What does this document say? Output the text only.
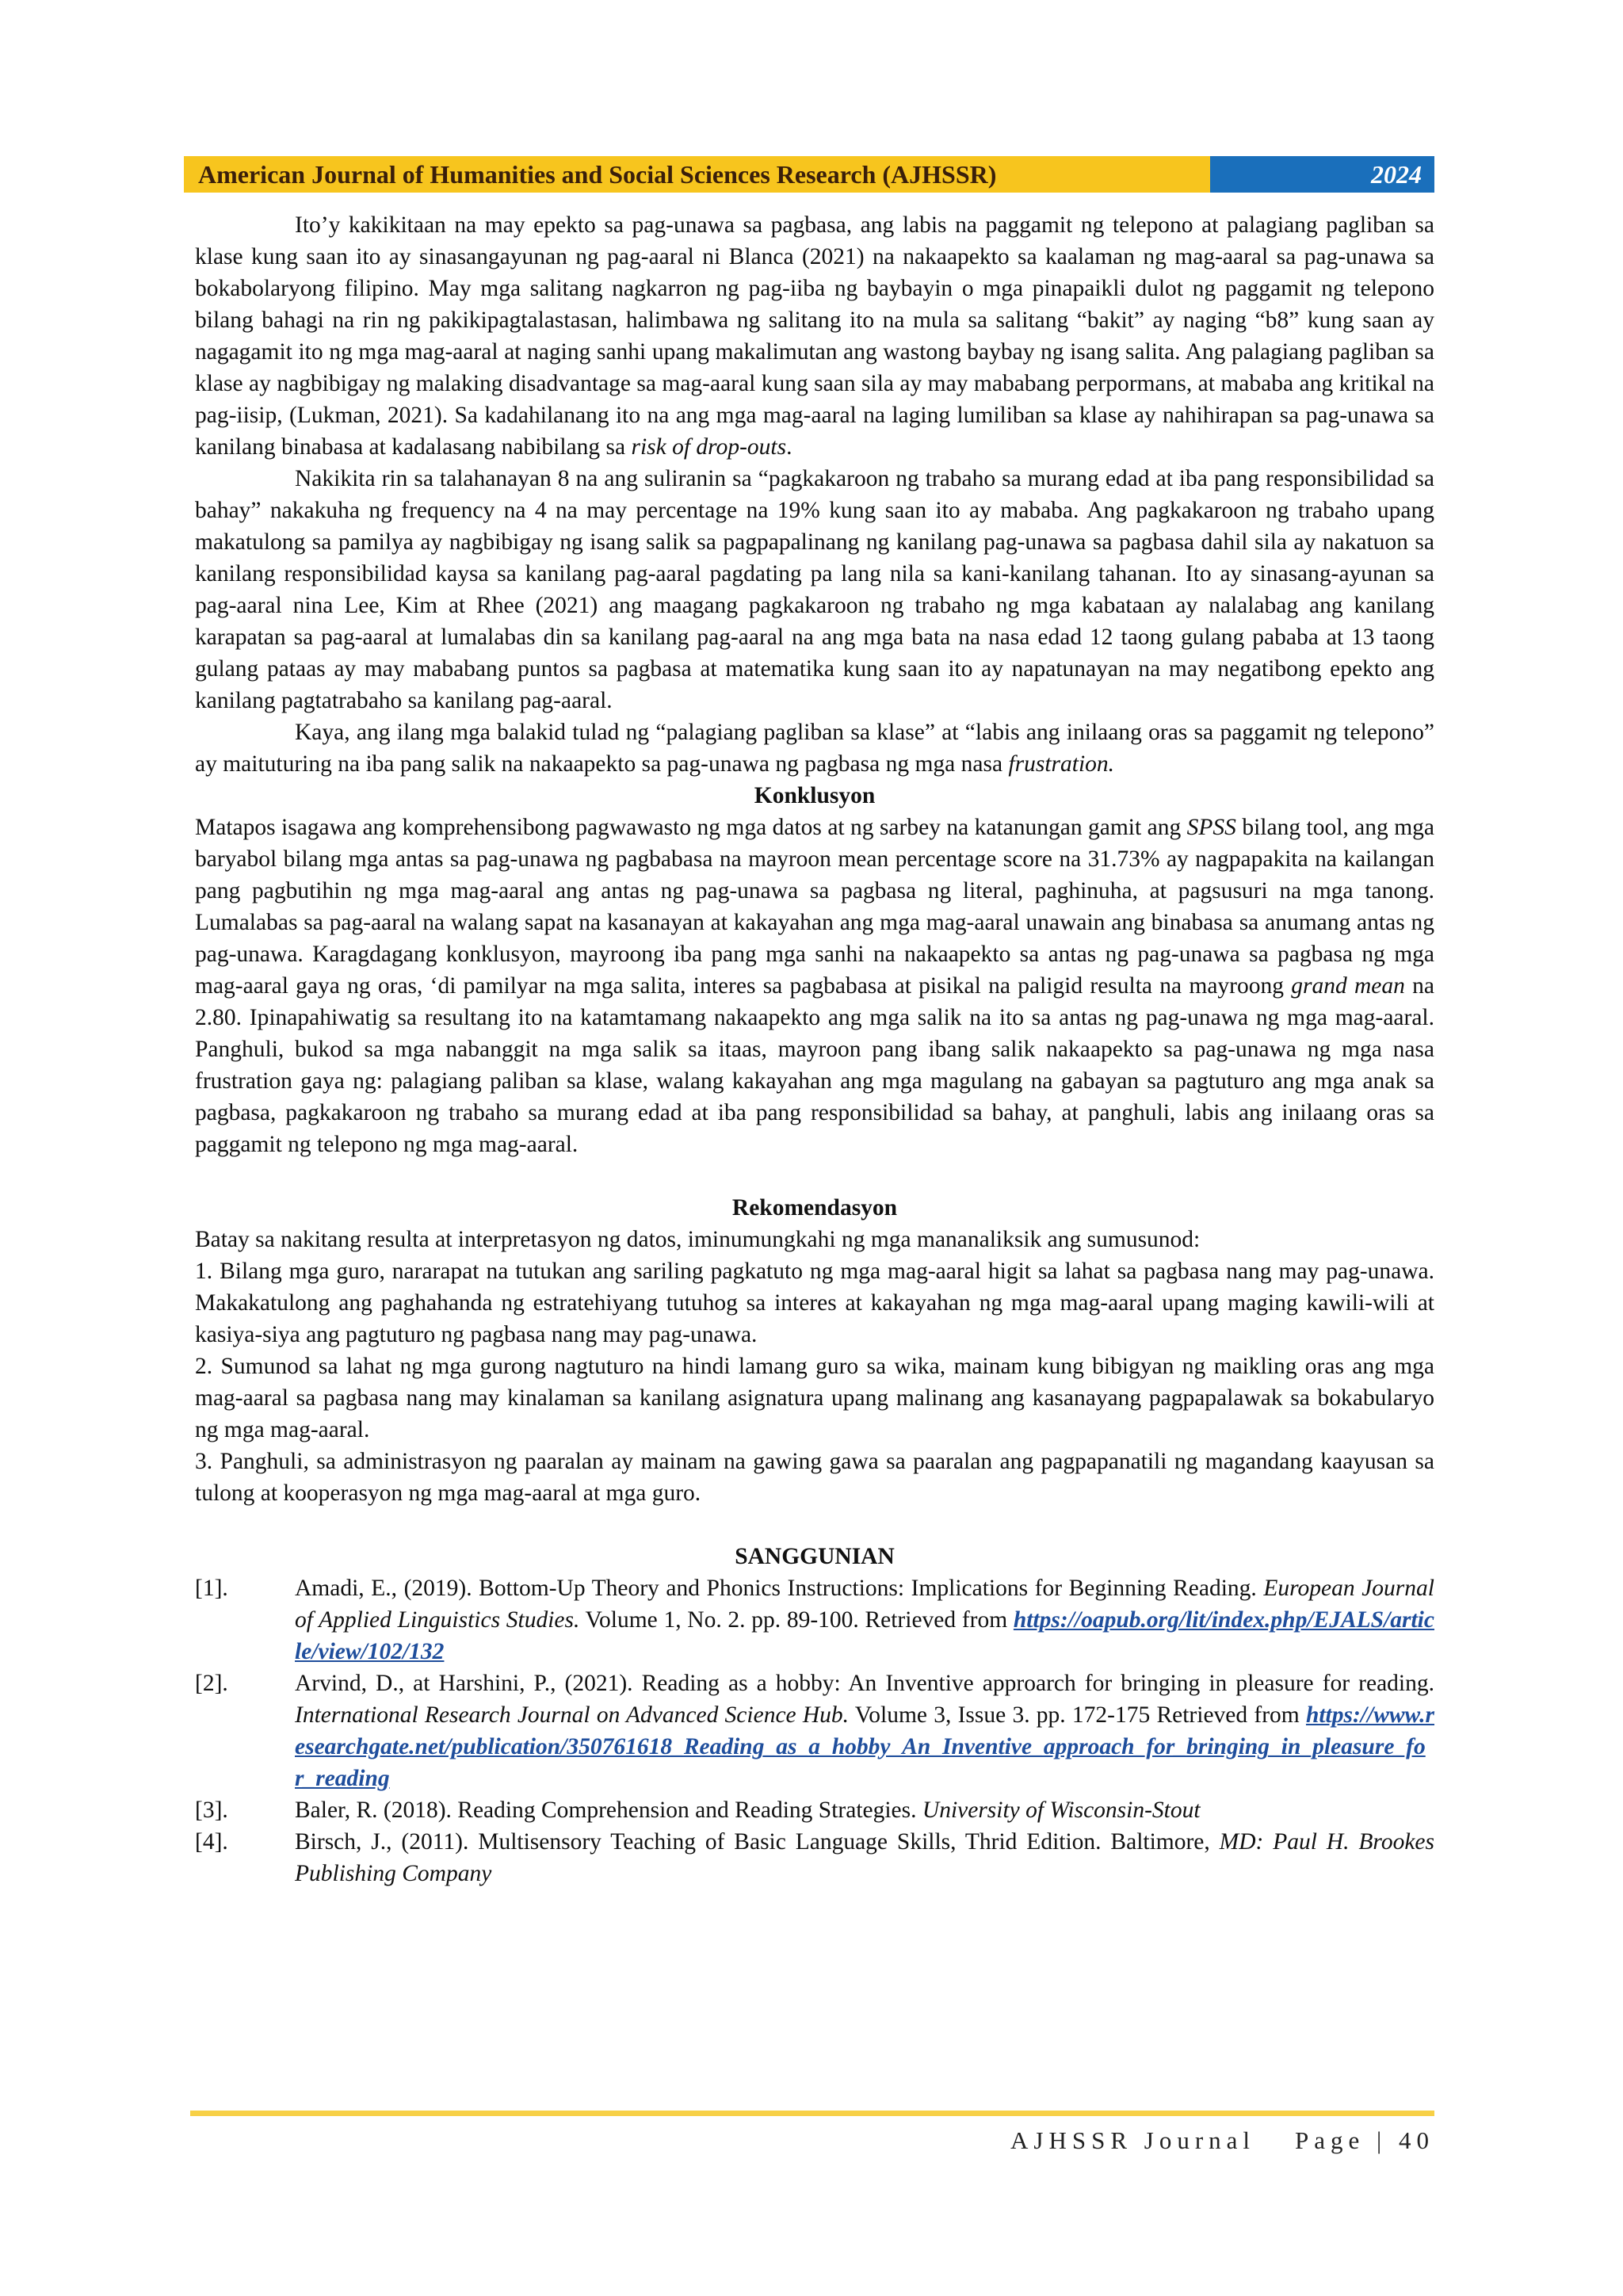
American Journal of Humanities and Social Sciences Research (AJHSSR)	2024

Ito’y kakikitaan na may epekto sa pag-unawa sa pagbasa, ang labis na paggamit ng telepono at palagiang pagliban sa klase kung saan ito ay sinasangayunan ng pag-aaral ni Blanca (2021) na nakaapekto sa kaalaman ng mag-aaral sa pag-unawa sa bokabolaryong filipino. May mga salitang nagkarron ng pag-iiba ng baybayin o mga pinapaikli dulot ng paggamit ng telepono bilang bahagi na rin ng pakikipagtalastasan, halimbawa ng salitang ito na mula sa salitang “bakit” ay naging “b8” kung saan ay nagagamit ito ng mga mag-aaral at naging sanhi upang makalimutan ang wastong baybay ng isang salita. Ang palagiang pagliban sa klase ay nagbibigay ng malaking disadvantage sa mag-aaral kung saan sila ay may mababang perpormans, at mababa ang kritikal na pag-iisip, (Lukman, 2021). Sa kadahilanang ito na ang mga mag-aaral na laging lumiliban sa klase ay nahihirapan sa pag-unawa sa kanilang binabasa at kadalasang nabibilang sa risk of drop-outs.

Nakikita rin sa talahanayan 8 na ang suliranin sa “pagkakaroon ng trabaho sa murang edad at iba pang responsibilidad sa bahay” nakakuha ng frequency na 4 na may percentage na 19% kung saan ito ay mababa. Ang pagkakaroon ng trabaho upang makatulong sa pamilya ay nagbibigay ng isang salik sa pagpapalinang ng kanilang pag-unawa sa pagbasa dahil sila ay nakatuon sa kanilang responsibilidad kaysa sa kanilang pag-aaral pagdating pa lang nila sa kani-kanilang tahanan. Ito ay sinasang-ayunan sa pag-aaral nina Lee, Kim at Rhee (2021) ang maagang pagkakaroon ng trabaho ng mga kabataan ay nalalabag ang kanilang karapatan sa pag-aaral at lumalabas din sa kanilang pag-aaral na ang mga bata na nasa edad 12 taong gulang pababa at 13 taong gulang pataas ay may mababang puntos sa pagbasa at matematika kung saan ito ay napatunayan na may negatibong epekto ang kanilang pagtatrabaho sa kanilang pag-aaral.

Kaya, ang ilang mga balakid tulad ng “palagiang pagliban sa klase” at “labis ang inilaang oras sa paggamit ng telepono” ay maituturing na iba pang salik na nakaapekto sa pag-unawa ng pagbasa ng mga nasa frustration.

Konklusyon

Matapos isagawa ang komprehensibong pagwawasto ng mga datos at ng sarbey na katanungan gamit ang SPSS bilang tool, ang mga baryabol bilang mga antas sa pag-unawa ng pagbabasa na mayroon mean percentage score na 31.73% ay nagpapakita na kailangan pang pagbutihin ng mga mag-aaral ang antas ng pag-unawa sa pagbasa ng literal, paghinuha, at pagsusuri na mga tanong. Lumalabas sa pag-aaral na walang sapat na kasanayan at kakayahan ang mga mag-aaral unawain ang binabasa sa anumang antas ng pag-unawa. Karagdagang konklusyon, mayroong iba pang mga sanhi na nakaapekto sa antas ng pag-unawa sa pagbasa ng mga mag-aaral gaya ng oras, ‘di pamilyar na mga salita, interes sa pagbabasa at pisikal na paligid resulta na mayroong grand mean na 2.80. Ipinapahiwatig sa resultang ito na katamtamang nakaapekto ang mga salik na ito sa antas ng pag-unawa ng mga mag-aaral. Panghuli, bukod sa mga nabanggit na mga salik sa itaas, mayroon pang ibang salik nakaapekto sa pag-unawa ng mga nasa frustration gaya ng: palagiang paliban sa klase, walang kakayahan ang mga magulang na gabayan sa pagtuturo ang mga anak sa pagbasa, pagkakaroon ng trabaho sa murang edad at iba pang responsibilidad sa bahay, at panghuli, labis ang inilaang oras sa paggamit ng telepono ng mga mag-aaral.

Rekomendasyon

Batay sa nakitang resulta at interpretasyon ng datos, iminumungkahi ng mga mananaliksik ang sumusunod:

1. Bilang mga guro, nararapat na tutukan ang sariling pagkatuto ng mga mag-aaral higit sa lahat sa pagbasa nang may pag-unawa. Makakatulong ang paghahanda ng estratehiyang tutuhog sa interes at kakayahan ng mga mag-aaral upang maging kawili-wili at kasiya-siya ang pagtuturo ng pagbasa nang may pag-unawa.

2. Sumunod sa lahat ng mga gurong nagtuturo na hindi lamang guro sa wika, mainam kung bibigyan ng maikling oras ang mga mag-aaral sa pagbasa nang may kinalaman sa kanilang asignatura upang malinang ang kasanayang pagpapalawak sa bokabularyo ng mga mag-aaral.

3. Panghuli, sa administrasyon ng paaralan ay mainam na gawing gawa sa paaralan ang pagpapanatili ng magandang kaayusan sa tulong at kooperasyon ng mga mag-aaral at mga guro.

SANGGUNIAN

[1].	Amadi, E., (2019). Bottom-Up Theory and Phonics Instructions: Implications for Beginning Reading. European Journal of Applied Linguistics Studies. Volume 1, No. 2. pp. 89-100. Retrieved from https://oapub.org/lit/index.php/EJALS/article/view/102/132
[2].	Arvind, D., at Harshini, P., (2021). Reading as a hobby: An Inventive approarch for bringing in pleasure for reading. International Research Journal on Advanced Science Hub. Volume 3, Issue 3. pp. 172-175 Retrieved from https://www.researchgate.net/publication/350761618_Reading_as_a_hobby_An_Inventive_approach_for_bringing_in_pleasure_for_reading
[3].	Baler, R. (2018). Reading Comprehension and Reading Strategies. University of Wisconsin-Stout
[4].	Birsch, J., (2011). Multisensory Teaching of Basic Language Skills, Thrid Edition. Baltimore, MD: Paul H. Brookes Publishing Company
AJHSSR Journal Page | 40
